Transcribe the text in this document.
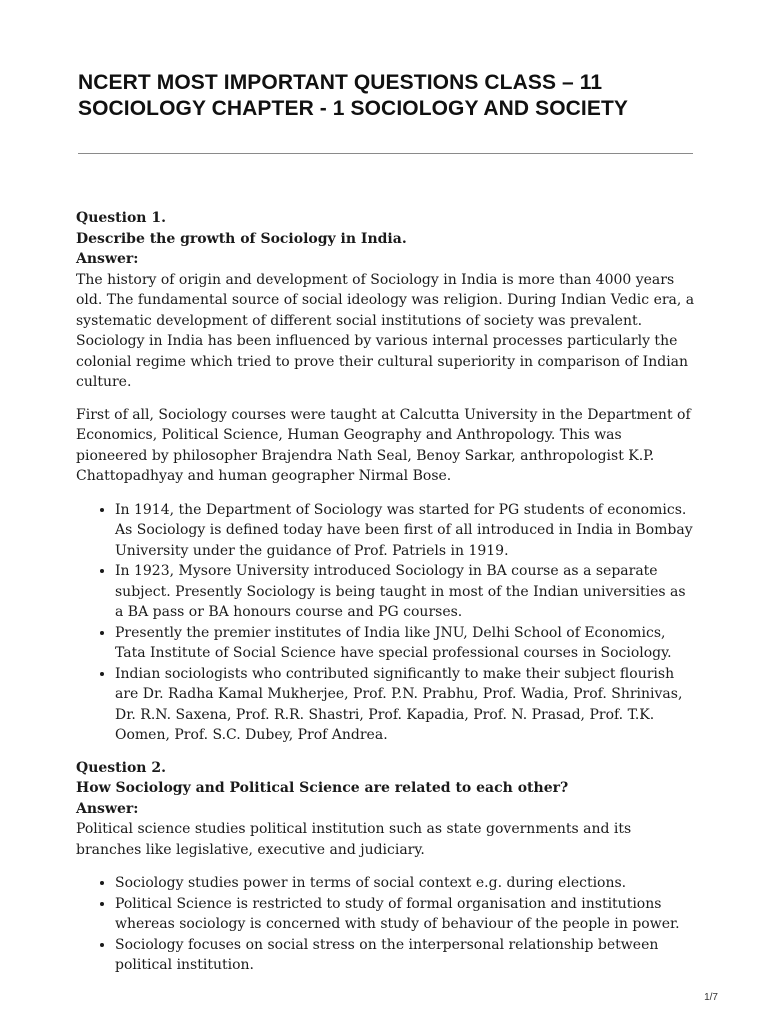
NCERT MOST IMPORTANT QUESTIONS CLASS – 11 SOCIOLOGY CHAPTER - 1 SOCIOLOGY AND SOCIETY
Question 1.
Describe the growth of Sociology in India.
Answer:

The history of origin and development of Sociology in India is more than 4000 years old. The fundamental source of social ideology was religion. During Indian Vedic era, a systematic development of different social institutions of society was prevalent. Sociology in India has been influenced by various internal processes particularly the colonial regime which tried to prove their cultural superiority in comparison of Indian culture.

First of all, Sociology courses were taught at Calcutta University in the Department of Economics, Political Science, Human Geography and Anthropology. This was pioneered by philosopher Brajendra Nath Seal, Benoy Sarkar, anthropologist K.P. Chattopadhyay and human geographer Nirmal Bose.

• In 1914, the Department of Sociology was started for PG students of economics. As Sociology is defined today have been first of all introduced in India in Bombay University under the guidance of Prof. Patriels in 1919.
• In 1923, Mysore University introduced Sociology in BA course as a separate subject. Presently Sociology is being taught in most of the Indian universities as a BA pass or BA honours course and PG courses.
• Presently the premier institutes of India like JNU, Delhi School of Economics, Tata Institute of Social Science have special professional courses in Sociology.
• Indian sociologists who contributed significantly to make their subject flourish are Dr. Radha Kamal Mukherjee, Prof. P.N. Prabhu, Prof. Wadia, Prof. Shrinivas, Dr. R.N. Saxena, Prof. R.R. Shastri, Prof. Kapadia, Prof. N. Prasad, Prof. T.K. Oomen, Prof. S.C. Dubey, Prof Andrea.
Question 2.
How Sociology and Political Science are related to each other?
Answer:

Political science studies political institution such as state governments and its branches like legislative, executive and judiciary.

• Sociology studies power in terms of social context e.g. during elections.
• Political Science is restricted to study of formal organisation and institutions whereas sociology is concerned with study of behaviour of the people in power.
• Sociology focuses on social stress on the interpersonal relationship between political institution.
1/7
